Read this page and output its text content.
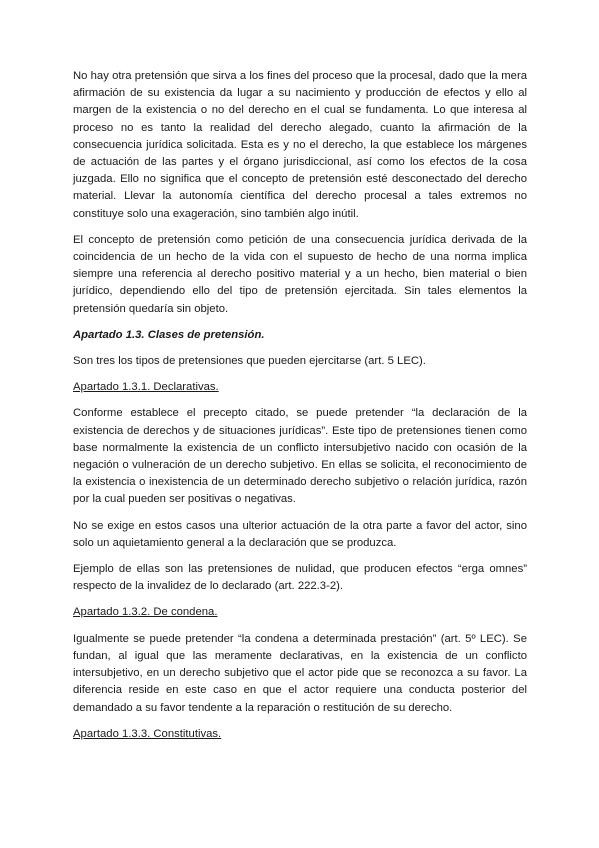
No hay otra pretensión que sirva a los fines del proceso que la procesal, dado que la mera afirmación de su existencia da lugar a su nacimiento y producción de efectos y ello al margen de la existencia o no del derecho en el cual se fundamenta. Lo que interesa al proceso no es tanto la realidad del derecho alegado, cuanto la afirmación de la consecuencia jurídica solicitada. Esta es y no el derecho, la que establece los márgenes de actuación de las partes y el órgano jurisdiccional, así como los efectos de la cosa juzgada. Ello no significa que el concepto de pretensión esté desconectado del derecho material. Llevar la autonomía científica del derecho procesal a tales extremos no constituye solo una exageración, sino también algo inútil.

El concepto de pretensión como petición de una consecuencia jurídica derivada de la coincidencia de un hecho de la vida con el supuesto de hecho de una norma implica siempre una referencia al derecho positivo material y a un hecho, bien material o bien jurídico, dependiendo ello del tipo de pretensión ejercitada. Sin tales elementos la pretensión quedaría sin objeto.

Apartado 1.3. Clases de pretensión.

Son tres los tipos de pretensiones que pueden ejercitarse (art. 5 LEC).

Apartado 1.3.1. Declarativas.

Conforme establece el precepto citado, se puede pretender “la declaración de la existencia de derechos y de situaciones jurídicas”. Este tipo de pretensiones tienen como base normalmente la existencia de un conflicto intersubjetivo nacido con ocasión de la negación o vulneración de un derecho subjetivo. En ellas se solicita, el reconocimiento de la existencia o inexistencia de un determinado derecho subjetivo o relación jurídica, razón por la cual pueden ser positivas o negativas.

No se exige en estos casos una ulterior actuación de la otra parte a favor del actor, sino solo un aquietamiento general a la declaración que se produzca.

Ejemplo de ellas son las pretensiones de nulidad, que producen efectos “erga omnes” respecto de la invalidez de lo declarado (art. 222.3-2).

Apartado 1.3.2. De condena.

Igualmente se puede pretender “la condena a determinada prestación” (art. 5º LEC). Se fundan, al igual que las meramente declarativas, en la existencia de un conflicto intersubjetivo, en un derecho subjetivo que el actor pide que se reconozca a su favor. La diferencia reside en este caso en que el actor requiere una conducta posterior del demandado a su favor tendente a la reparación o restitución de su derecho.

Apartado 1.3.3. Constitutivas.
